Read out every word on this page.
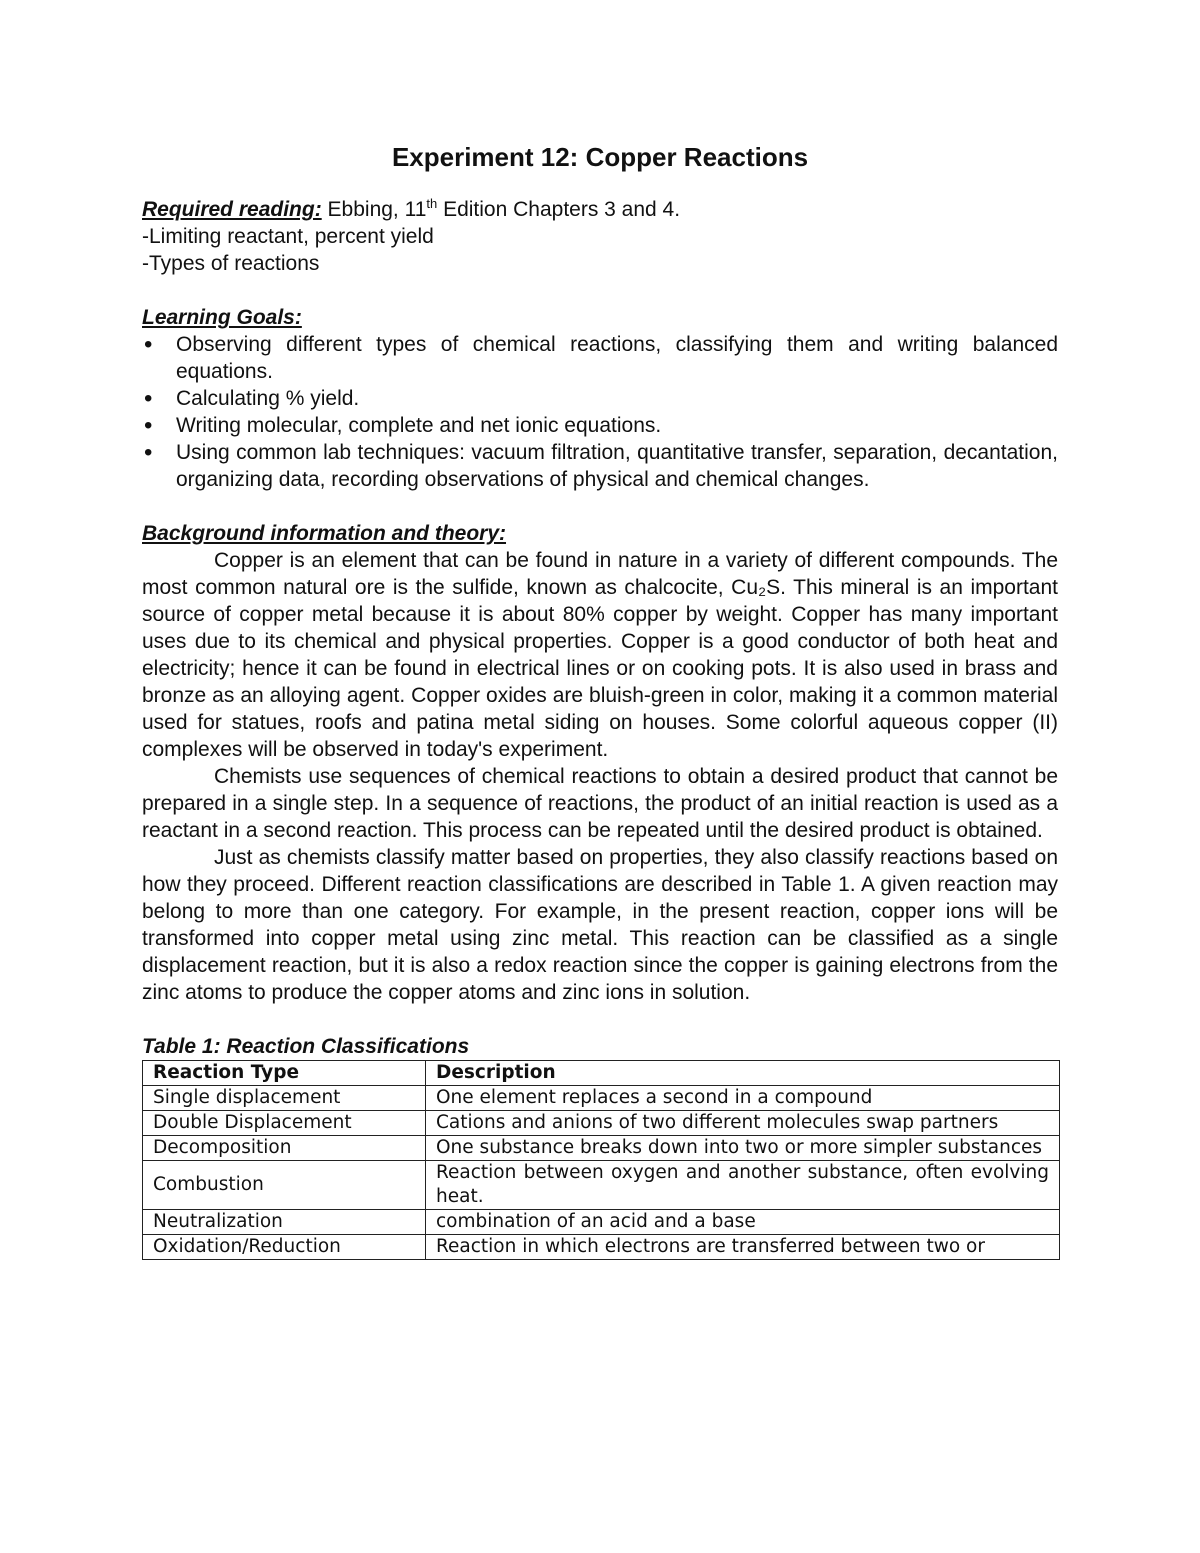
Experiment 12: Copper Reactions
Required reading: Ebbing, 11th Edition Chapters 3 and 4.
-Limiting reactant, percent yield
-Types of reactions
Learning Goals:
• Observing different types of chemical reactions, classifying them and writing balanced equations.
• Calculating % yield.
• Writing molecular, complete and net ionic equations.
• Using common lab techniques: vacuum filtration, quantitative transfer, separation, decantation, organizing data, recording observations of physical and chemical changes.
Background information and theory:

Copper is an element that can be found in nature in a variety of different compounds. The most common natural ore is the sulfide, known as chalcocite, Cu₂S. This mineral is an important source of copper metal because it is about 80% copper by weight. Copper has many important uses due to its chemical and physical properties. Copper is a good conductor of both heat and electricity; hence it can be found in electrical lines or on cooking pots. It is also used in brass and bronze as an alloying agent. Copper oxides are bluish-green in color, making it a common material used for statues, roofs and patina metal siding on houses. Some colorful aqueous copper (II) complexes will be observed in today's experiment.

Chemists use sequences of chemical reactions to obtain a desired product that cannot be prepared in a single step. In a sequence of reactions, the product of an initial reaction is used as a reactant in a second reaction. This process can be repeated until the desired product is obtained.

Just as chemists classify matter based on properties, they also classify reactions based on how they proceed. Different reaction classifications are described in Table 1. A given reaction may belong to more than one category. For example, in the present reaction, copper ions will be transformed into copper metal using zinc metal. This reaction can be classified as a single displacement reaction, but it is also a redox reaction since the copper is gaining electrons from the zinc atoms to produce the copper atoms and zinc ions in solution.

Table 1: Reaction Classifications
Reaction Type	Description
Single displacement	One element replaces a second in a compound
Double Displacement	Cations and anions of two different molecules swap partners
Decomposition	One substance breaks down into two or more simpler substances
Combustion	Reaction between oxygen and another substance, often evolving heat.
Neutralization	combination of an acid and a base
Oxidation/Reduction	Reaction in which electrons are transferred between two or
